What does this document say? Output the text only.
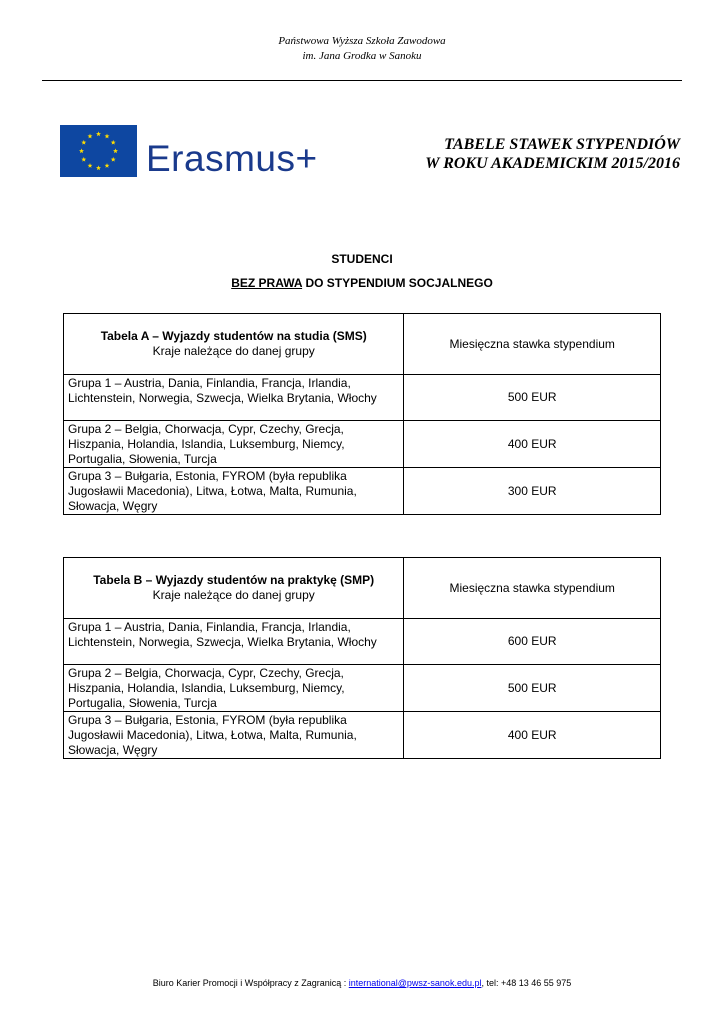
Państwowa Wyższa Szkoła Zawodowa
im. Jana Grodka w Sanoku
Erasmus+	TABELE STAWEK STYPENDIÓW
W ROKU AKADEMICKIM 2015/2016
STUDENCI
BEZ PRAWA DO STYPENDIUM SOCJALNEGO
Tabela A – Wyjazdy studentów na studia (SMS)
Kraje należące do danej grupy	Miesięczna stawka stypendium
Grupa 1 – Austria, Dania, Finlandia, Francja, Irlandia, Lichtenstein, Norwegia, Szwecja, Wielka Brytania, Włochy	500 EUR
Grupa 2 – Belgia, Chorwacja, Cypr, Czechy, Grecja, Hiszpania, Holandia, Islandia, Luksemburg, Niemcy, Portugalia, Słowenia, Turcja	400 EUR
Grupa 3 – Bułgaria, Estonia, FYROM (była republika Jugosławii Macedonia), Litwa, Łotwa, Malta, Rumunia, Słowacja, Węgry	300 EUR
Tabela B – Wyjazdy studentów na praktykę (SMP)
Kraje należące do danej grupy	Miesięczna stawka stypendium
Grupa 1 – Austria, Dania, Finlandia, Francja, Irlandia, Lichtenstein, Norwegia, Szwecja, Wielka Brytania, Włochy	600 EUR
Grupa 2 – Belgia, Chorwacja, Cypr, Czechy, Grecja, Hiszpania, Holandia, Islandia, Luksemburg, Niemcy, Portugalia, Słowenia, Turcja	500 EUR
Grupa 3 – Bułgaria, Estonia, FYROM (była republika Jugosławii Macedonia), Litwa, Łotwa, Malta, Rumunia, Słowacja, Węgry	400 EUR
Biuro Karier Promocji i Współpracy z Zagranicą : international@pwsz-sanok.edu.pl, tel: +48 13 46 55 975
